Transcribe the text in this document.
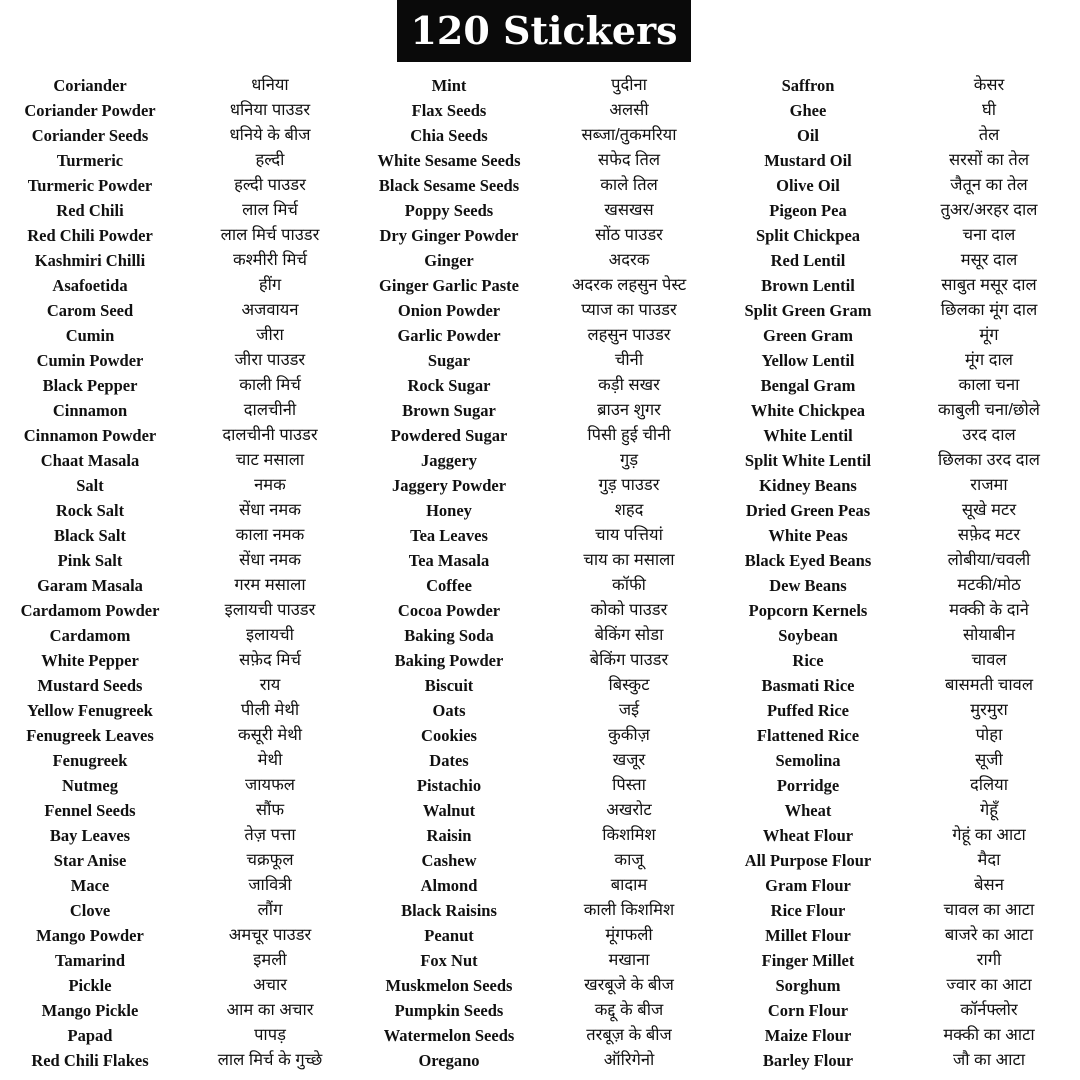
120 Stickers
Coriander
Coriander Powder
Coriander Seeds
Turmeric
Turmeric Powder
Red Chili
Red Chili Powder
Kashmiri Chilli
Asafoetida
Carom Seed
Cumin
Cumin Powder
Black Pepper
Cinnamon
Cinnamon Powder
Chaat Masala
Salt
Rock Salt
Black Salt
Pink Salt
Garam Masala
Cardamom Powder
Cardamom
White Pepper
Mustard Seeds
Yellow Fenugreek
Fenugreek Leaves
Fenugreek
Nutmeg
Fennel Seeds
Bay Leaves
Star Anise
Mace
Clove
Mango Powder
Tamarind
Pickle
Mango Pickle
Papad
Red Chili Flakes
धनिया
धनिया पाउडर
धनिये के बीज
हल्दी
हल्दी पाउडर
लाल मिर्च
लाल मिर्च पाउडर
कश्मीरी मिर्च
हींग
अजवायन
जीरा
जीरा पाउडर
काली मिर्च
दालचीनी
दालचीनी पाउडर
चाट मसाला
नमक
सेंधा नमक
काला नमक
सेंधा नमक
गरम मसाला
इलायची पाउडर
इलायची
सफ़ेद मिर्च
राय
पीली मेथी
कसूरी मेथी
मेथी
जायफल
सौंफ
तेज़ पत्ता
चक्रफूल
जावित्री
लौंग
अमचूर पाउडर
इमली
अचार
आम का अचार
पापड़
लाल मिर्च के गुच्छे
Mint
Flax Seeds
Chia Seeds
White Sesame Seeds
Black Sesame Seeds
Poppy Seeds
Dry Ginger Powder
Ginger
Ginger Garlic Paste
Onion Powder
Garlic Powder
Sugar
Rock Sugar
Brown Sugar
Powdered Sugar
Jaggery
Jaggery Powder
Honey
Tea Leaves
Tea Masala
Coffee
Cocoa Powder
Baking Soda
Baking Powder
Biscuit
Oats
Cookies
Dates
Pistachio
Walnut
Raisin
Cashew
Almond
Black Raisins
Peanut
Fox Nut
Muskmelon Seeds
Pumpkin Seeds
Watermelon Seeds
Oregano
पुदीना
अलसी
सब्जा/तुकमरिया
सफेद तिल
काले तिल
खसखस
सोंठ पाउडर
अदरक
अदरक लहसुन पेस्ट
प्याज का पाउडर
लहसुन पाउडर
चीनी
कड़ी सखर
ब्राउन शुगर
पिसी हुई चीनी
गुड़
गुड़ पाउडर
शहद
चाय पत्तियां
चाय का मसाला
कॉफी
कोको पाउडर
बेकिंग सोडा
बेकिंग पाउडर
बिस्कुट
जई
कुकीज़
खजूर
पिस्ता
अखरोट
किशमिश
काजू
बादाम
काली किशमिश
मूंगफली
मखाना
खरबूजे के बीज
कद्दू के बीज
तरबूज़ के बीज
ऑरिगेनो
Saffron
Ghee
Oil
Mustard Oil
Olive Oil
Pigeon Pea
Split Chickpea
Red Lentil
Brown Lentil
Split Green Gram
Green Gram
Yellow Lentil
Bengal Gram
White Chickpea
White Lentil
Split White Lentil
Kidney Beans
Dried Green Peas
White Peas
Black Eyed Beans
Dew Beans
Popcorn Kernels
Soybean
Rice
Basmati Rice
Puffed Rice
Flattened Rice
Semolina
Porridge
Wheat
Wheat Flour
All Purpose Flour
Gram Flour
Rice Flour
Millet Flour
Finger Millet
Sorghum
Corn Flour
Maize Flour
Barley Flour
केसर
घी
तेल
सरसों का तेल
जैतून का तेल
तुअर/अरहर दाल
चना दाल
मसूर दाल
साबुत मसूर दाल
छिलका मूंग दाल
मूंग
मूंग दाल
काला चना
काबुली चना/छोले
उरद दाल
छिलका उरद दाल
राजमा
सूखे मटर
सफ़ेद मटर
लोबीया/चवली
मटकी/मोठ
मक्की के दाने
सोयाबीन
चावल
बासमती चावल
मुरमुरा
पोहा
सूजी
दलिया
गेहूँ
गेहूं का आटा
मैदा
बेसन
चावल का आटा
बाजरे का आटा
रागी
ज्वार का आटा
कॉर्नफ्लोर
मक्की का आटा
जौ का आटा
